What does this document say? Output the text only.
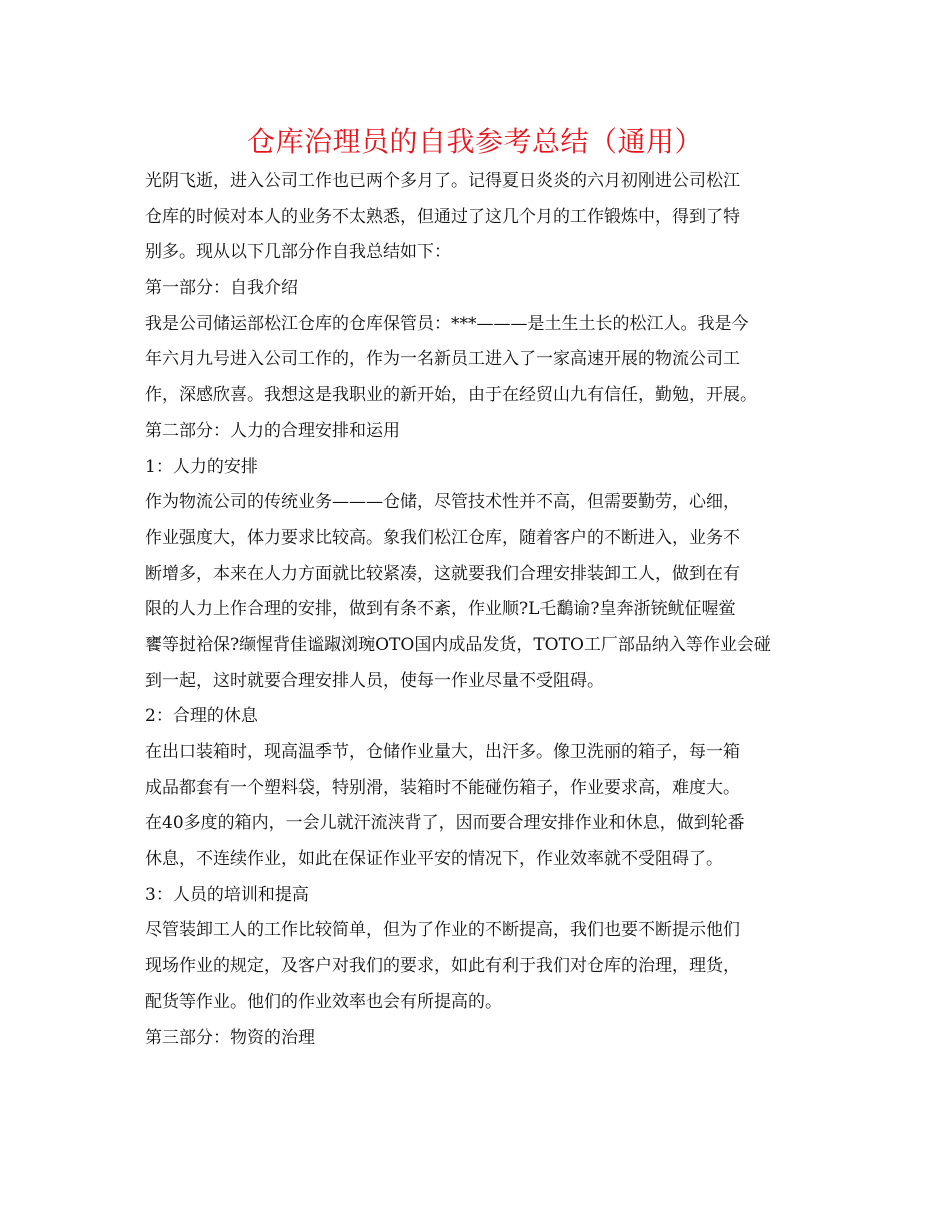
仓库治理员的自我参考总结（通用）
光阴飞逝，进入公司工作也已两个多月了。记得夏日炎炎的六月初刚进公司松江
仓库的时候对本人的业务不太熟悉，但通过了这几个月的工作锻炼中，得到了特
别多。现从以下几部分作自我总结如下：
第一部分：自我介绍
我是公司储运部松江仓库的仓库保管员：***———是土生土长的松江人。我是今
年六月九号进入公司工作的，作为一名新员工进入了一家高速开展的物流公司工
作，深感欣喜。我想这是我职业的新开始，由于在经贸山九有信任，勤勉，开展。
第二部分：人力的合理安排和运用
1：人力的安排
作为物流公司的传统业务———仓储，尽管技术性并不高，但需要勤劳，心细，
作业强度大，体力要求比较高。象我们松江仓库，随着客户的不断进入，业务不
断增多，本来在人力方面就比较紧凑，这就要我们合理安排装卸工人，做到在有
限的人力上作合理的安排，做到有条不紊，作业顺?L乇鷭谕?皇奔浙铳鱿佂喔鲎
饔等挝袷保?缬惺背佳谧踧浏琬OTO国内成品发货，TOTO工厂部品纳入等作业会碰
到一起，这时就要合理安排人员，使每一作业尽量不受阻碍。
2：合理的休息
在出口装箱时，现高温季节，仓储作业量大，出汗多。像卫洗丽的箱子，每一箱
成品都套有一个塑料袋，特别滑，装箱时不能碰伤箱子，作业要求高，难度大。
在40多度的箱内，一会儿就汗流浃背了，因而要合理安排作业和休息，做到轮番
休息，不连续作业，如此在保证作业平安的情况下，作业效率就不受阻碍了。
3：人员的培训和提高
尽管装卸工人的工作比较简单，但为了作业的不断提高，我们也要不断提示他们
现场作业的规定，及客户对我们的要求，如此有利于我们对仓库的治理，理货，
配货等作业。他们的作业效率也会有所提高的。
第三部分：物资的治理
